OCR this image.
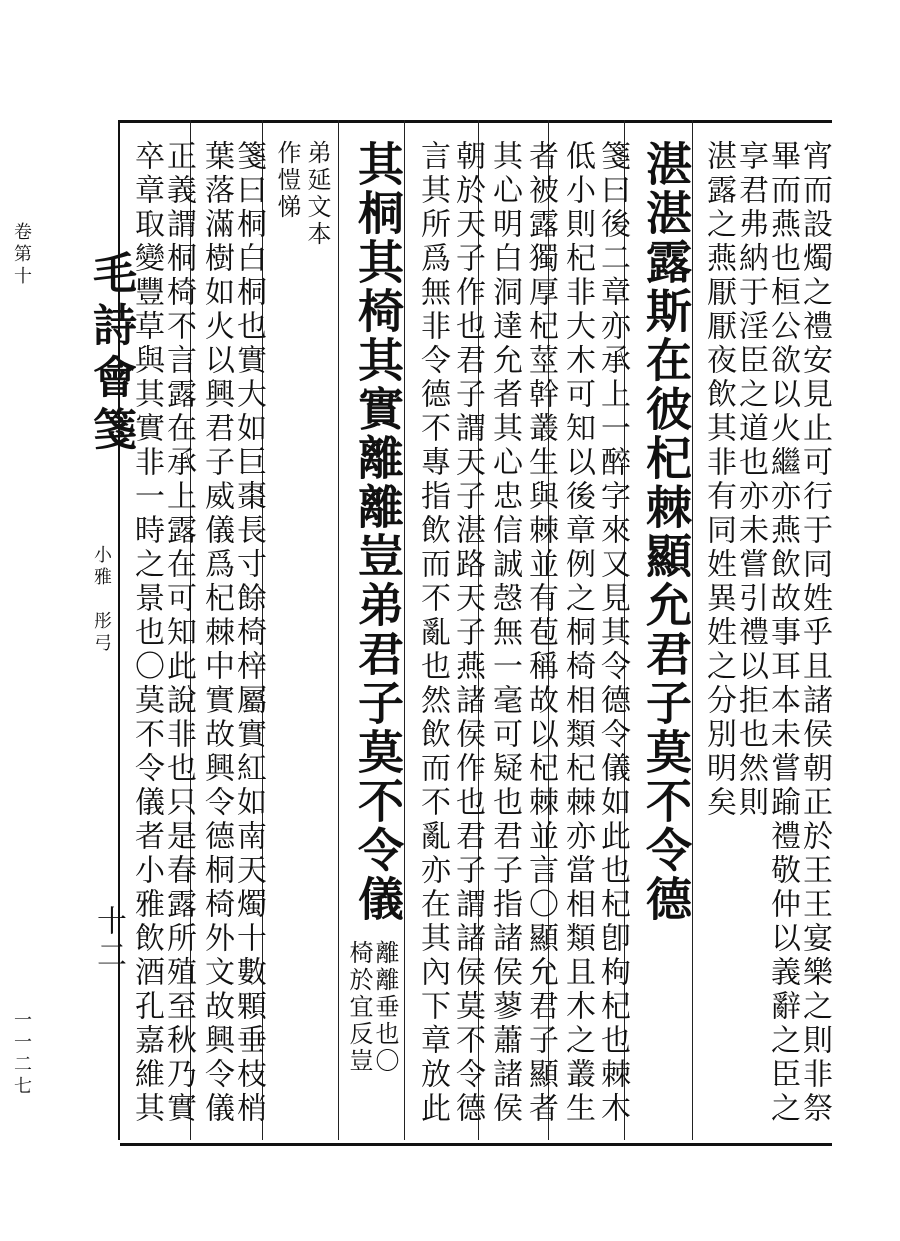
卷第十
一一二七
毛詩會箋
小雅　彤弓
十二	宵而設燭之禮安見止可行于同姓乎且諸侯朝正於王王宴樂之則非祭
畢而燕也桓公欲以火繼亦燕飲故事耳本未嘗踰禮敬仲以義辭之臣之
享君弗納于淫臣之道也亦未嘗引禮以拒也然則
湛露之燕厭厭夜飲其非有同姓異姓之分別明矣
湛湛露斯在彼杞棘顯允君子莫不令德
箋曰後二章亦承上一醉字來又見其令德令儀如此也杞卽枸杞也棘木
低小則杞非大木可知以後章例之桐椅相類杞棘亦當相類且木之叢生
者被露獨厚杞莖幹叢生與棘並有苞稱故以杞棘並言〇顯允君子顯者
其心明白洞達允者其心忠信誠愨無一毫可疑也君子指諸侯蓼蕭諸侯
朝於天子作也君子謂天子湛路天子燕諸侯作也君子謂諸侯莫不令德
言其所爲無非令德不專指飲而不亂也然飲而不亂亦在其內下章放此
其桐其椅其實離離豈弟君子莫不令儀
離離垂也〇
椅於宜反豈
弟延文本
作愷悌
箋曰桐白桐也實大如巨棗長寸餘椅梓屬實紅如南天燭十數顆垂枝梢
葉落滿樹如火以興君子威儀爲杞棘中實故興令德桐椅外文故興令儀
正義謂桐椅不言露在承上露在可知此說非也只是春露所殖至秋乃實
卒章取變豐草與其實非一時之景也〇莫不令儀者小雅飲酒孔嘉維其
